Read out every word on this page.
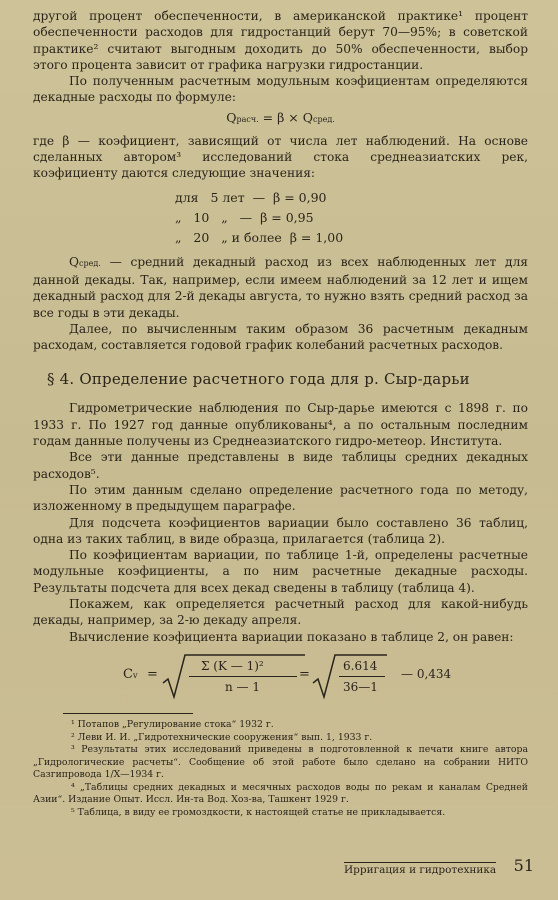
другой процент обеспеченности, в американской практике¹ процент обеспеченности расходов для гидростанций берут 70—95%; в советской практике² считают выгодным доходить до 50% обеспеченности, выбор этого процента зависит от графика нагрузки гидростанции.

По полученным расчетным модульным коэфициентам определяются декадные расходы по формуле:

Qрасч. = β × Qсред.

где β — коэфициент, зависящий от числа лет наблюдений. На основе сделанных автором³ исследований стока среднеазиатских рек, коэфициенту даются следующие значения:

для   5 лет  —  β = 0,90
„   10   „   —  β = 0,95
„   20   „ и более  β = 1,00

Qсред. — средний декадный расход из всех наблюденных лет для данной декады. Так, например, если имеем наблюдений за 12 лет и ищем декадный расход для 2-й декады августа, то нужно взять средний расход за все годы в эти декады.

Далее, по вычисленным таким образом 36 расчетным декадным расходам, составляется годовой график колебаний расчетных расходов.

§ 4. Определение расчетного года для р. Сыр-дарьи

Гидрометрические наблюдения по Сыр-дарье имеются с 1898 г. по 1933 г. По 1927 год данные опубликованы⁴, а по остальным последним годам данные получены из Среднеазиатского гидро-метеор. Института.

Все эти данные представлены в виде таблицы средних декадных расходов⁵.

По этим данным сделано определение расчетного года по методу, изложенному в предыдущем параграфе.

Для подсчета коэфициентов вариации было составлено 36 таблиц, одна из таких таблиц, в виде образца, прилагается (таблица 2).

По коэфициентам вариации, по таблице 1-й, определены расчетные модульные коэфициенты, а по ним расчетные декадные расходы. Результаты подсчета для всех декад сведены в таблицу (таблица 4).

Покажем, как определяется расчетный расход для какой-нибудь декады, например, за 2-ю декаду апреля.

Вычисление коэфициента вариации показано в таблице 2, он равен:

Cv =
Σ (K — 1)²
n — 1
=
6.614
36—1
— 0,434

¹ Потапов „Регулирование стока“ 1932 г.

² Леви И. И. „Гидротехнические сооружения“ вып. 1, 1933 г.

³ Результаты этих исследований приведены в подготовленной к печати книге автора „Гидрологические расчеты“. Сообщение об этой работе было сделано на собрании НИТО Сазгипровода 1/X—1934 г.

⁴ „Таблицы средних декадных и месячных расходов воды по рекам и каналам Средней Азии“. Издание Опыт. Иссл. Ин-та Вод. Хоз-ва, Ташкент 1929 г.

⁵ Таблица, в виду ее громоздкости, к настоящей статье не прикладывается.

Ирригация и гидротехника 51
